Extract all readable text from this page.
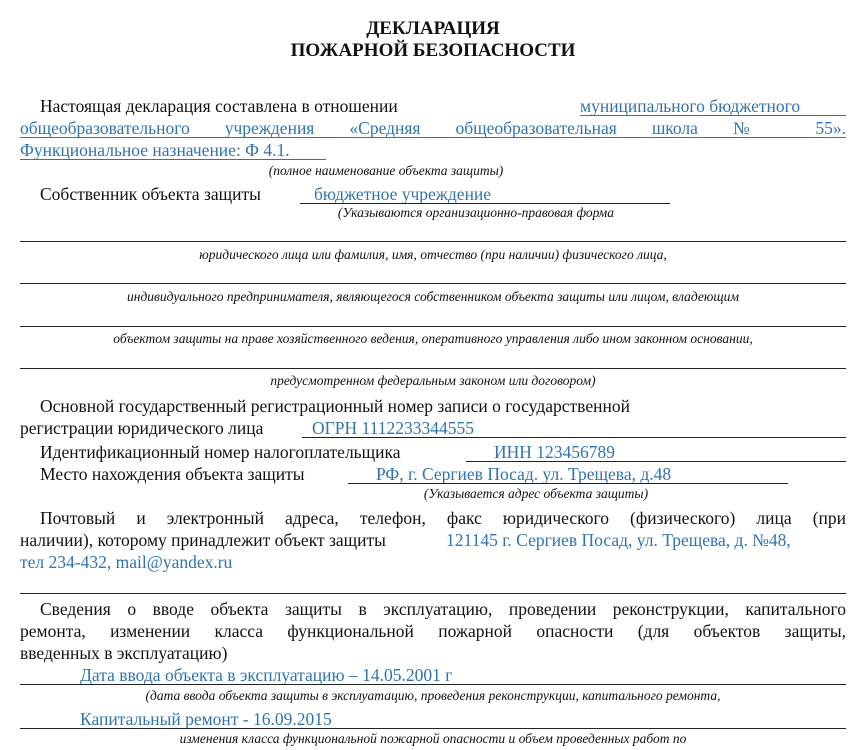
ДЕКЛАРАЦИЯ
ПОЖАРНОЙ БЕЗОПАСНОСТИ
Настоящая декларация составлена в отношении	муниципального бюджетного
общеобразовательного учреждения «Средняя общеобразовательная школа № 55».
Функциональное назначение: Ф 4.1.
(полное наименование объекта защиты)
Собственник объекта защиты	бюджетное учреждение
(Указываются организационно-правовая форма
юридического лица или фамилия, имя, отчество (при наличии) физического лица,
индивидуального предпринимателя, являющегося собственником объекта защиты или лицом, владеющим
объектом защиты на праве хозяйственного ведения, оперативного управления либо ином законном основании,
предусмотренном федеральным законом или договором)
Основной государственный регистрационный номер записи о государственной
регистрации юридического лица	ОГРН 1112233344555
Идентификационный номер налогоплательщика	ИНН 123456789
Место нахождения объекта защиты	РФ, г. Сергиев Посад. ул. Трещева, д.48
(Указывается адрес объекта защиты)
Почтовый и электронный адреса, телефон, факс юридического (физического) лица (при
наличии), которому принадлежит объект защиты	121145 г. Сергиев Посад, ул. Трещева, д. №48,
тел 234-432, mail@yandex.ru
Сведения о вводе объекта защиты в эксплуатацию, проведении реконструкции, капитального
ремонта, изменении класса функциональной пожарной опасности (для объектов защиты,
введенных в эксплуатацию)
Дата ввода объекта в эксплуатацию – 14.05.2001 г
(дата ввода объекта защиты в эксплуатацию, проведения реконструкции, капитального ремонта,
Капитальный ремонт - 16.09.2015
изменения класса функциональной пожарной опасности и объем проведенных работ по
